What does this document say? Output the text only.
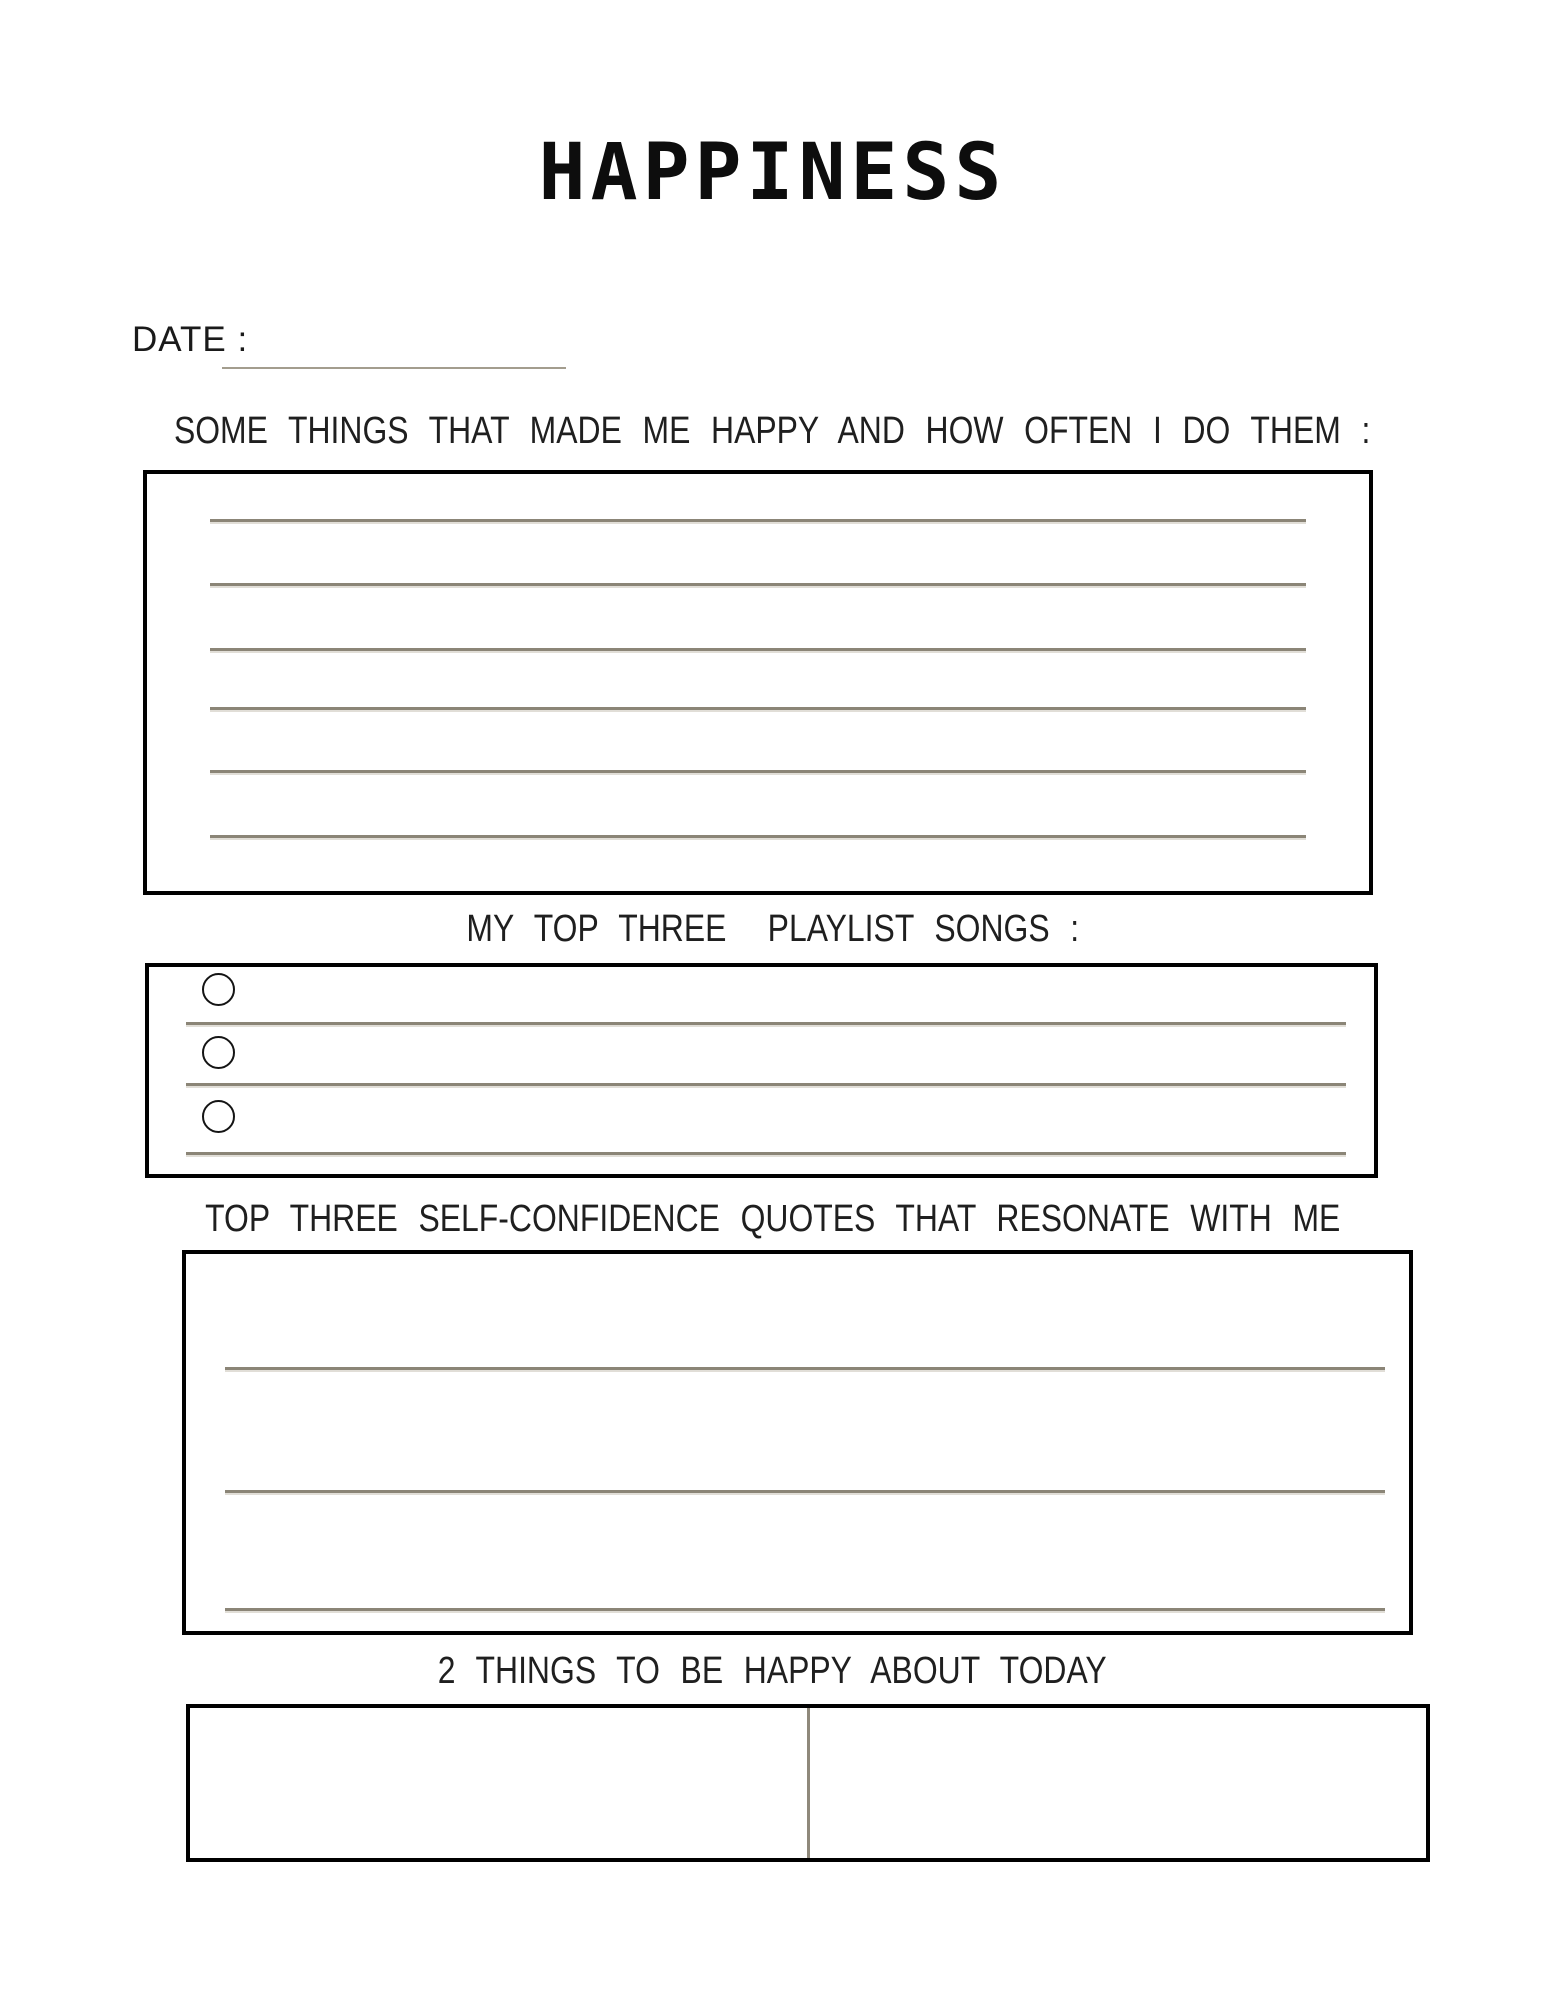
HAPPINESS
DATE :
SOME THINGS THAT MADE ME HAPPY AND HOW OFTEN I DO THEM :
MY TOP THREE  PLAYLIST SONGS :
TOP THREE SELF-CONFIDENCE QUOTES THAT RESONATE WITH ME
2 THINGS TO BE HAPPY ABOUT TODAY
